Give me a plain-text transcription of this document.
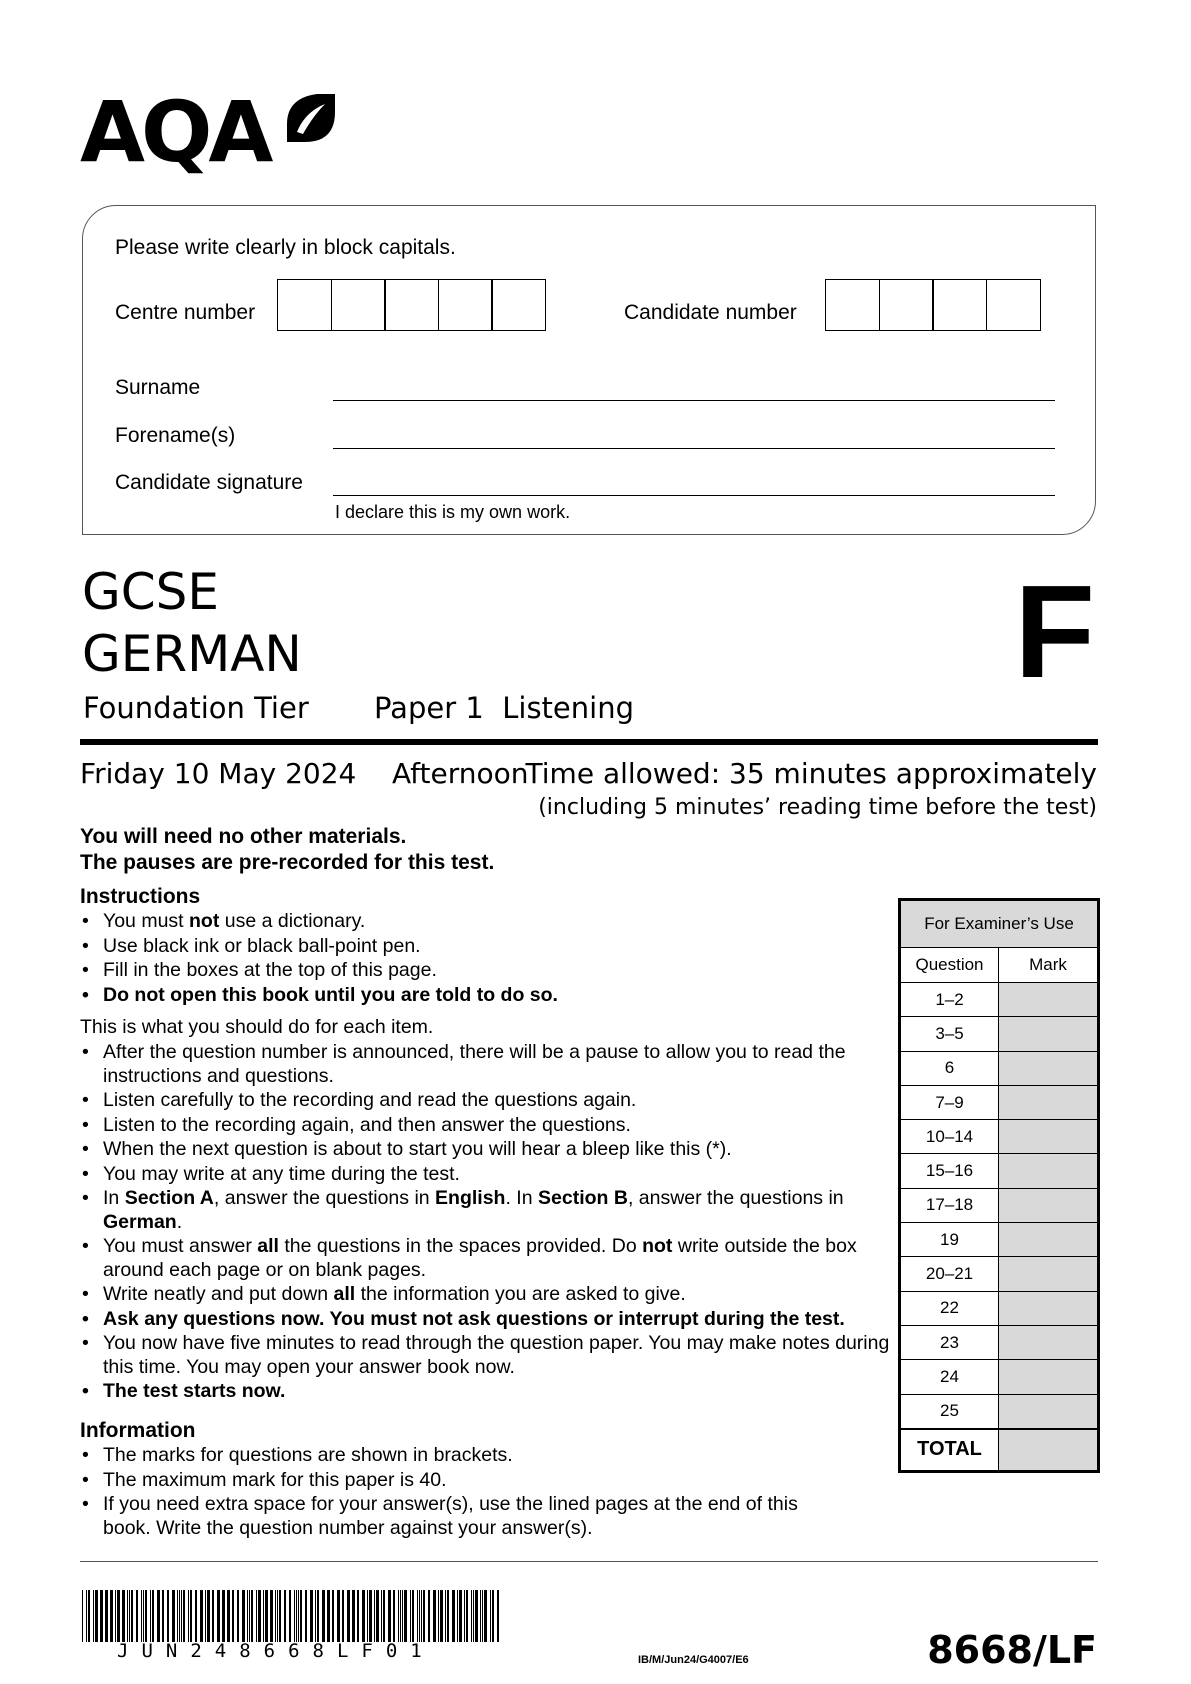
AQA
Please write clearly in block capitals.
Centre number	Candidate number
Surname
Forename(s)
Candidate signature
I declare this is my own work.
GCSE
GERMAN	F
Foundation Tier Paper 1  Listening
Friday 10 May 2024 Afternoon
Time allowed: 35 minutes approximately
(including 5 minutes’ reading time before the test)
You will need no other materials.
The pauses are pre-recorded for this test.
Instructions
• You must not use a dictionary.
• Use black ink or black ball-point pen.
• Fill in the boxes at the top of this page.
• Do not open this book until you are told to do so.
This is what you should do for each item.
• After the question number is announced, there will be a pause to allow you to read the instructions and questions.
• Listen carefully to the recording and read the questions again.
• Listen to the recording again, and then answer the questions.
• When the next question is about to start you will hear a bleep like this (*).
• You may write at any time during the test.
• In Section A, answer the questions in English. In Section B, answer the questions in German.
• You must answer all the questions in the spaces provided. Do not write outside the box around each page or on blank pages.
• Write neatly and put down all the information you are asked to give.
• Ask any questions now. You must not ask questions or interrupt during the test.
• You now have five minutes to read through the question paper. You may make notes during this time. You may open your answer book now.
• The test starts now.
Information
• The marks for questions are shown in brackets.
• The maximum mark for this paper is 40.
• If you need extra space for your answer(s), use the lined pages at the end of this book. Write the question number against your answer(s).
For Examiner’s Use	
Question	Mark
1–2	
3–5	
6	
7–9	
10–14	
15–16	
17–18	
19	
20–21	
22	
23	
24	
25	
TOTAL	
JUN248668LF01	IB/M/Jun24/G4007/E6	8668/LF
